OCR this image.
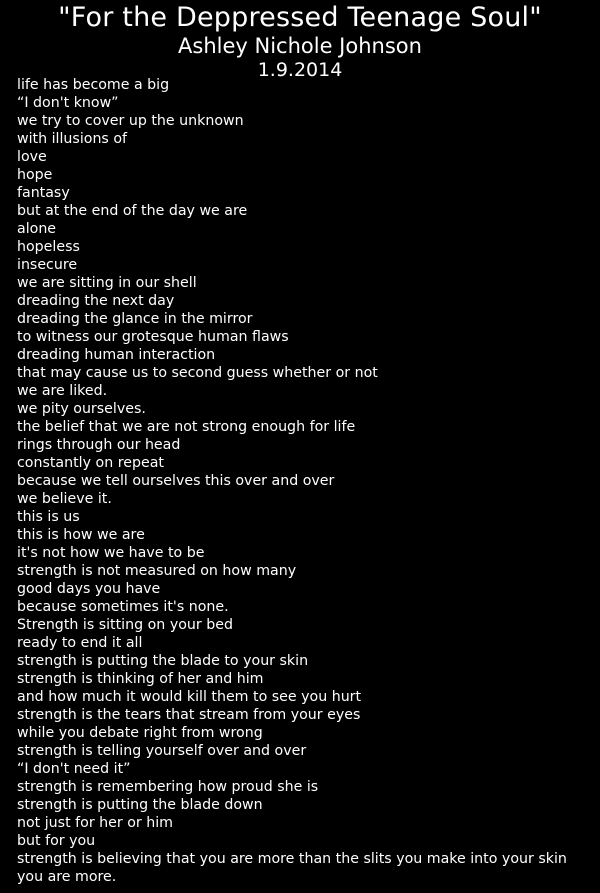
"For the Deppressed Teenage Soul"
Ashley Nichole Johnson
1.9.2014
life has become a big
“I don't know”
we try to cover up the unknown
with illusions of
love
hope
fantasy
but at the end of the day we are
alone
hopeless
insecure
we are sitting in our shell
dreading the next day
dreading the glance in the mirror
to witness our grotesque human flaws
dreading human interaction
that may cause us to second guess whether or not
we are liked.
we pity ourselves.
the belief that we are not strong enough for life
rings through our head
constantly on repeat
because we tell ourselves this over and over
we believe it.
this is us
this is how we are
it's not how we have to be
strength is not measured on how many
good days you have
because sometimes it's none.
Strength is sitting on your bed
ready to end it all
strength is putting the blade to your skin
strength is thinking of her and him
and how much it would kill them to see you hurt
strength is the tears that stream from your eyes
while you debate right from wrong
strength is telling yourself over and over
“I don't need it”
strength is remembering how proud she is
strength is putting the blade down
not just for her or him
but for you
strength is believing that you are more than the slits you make into your skin
you are more.
